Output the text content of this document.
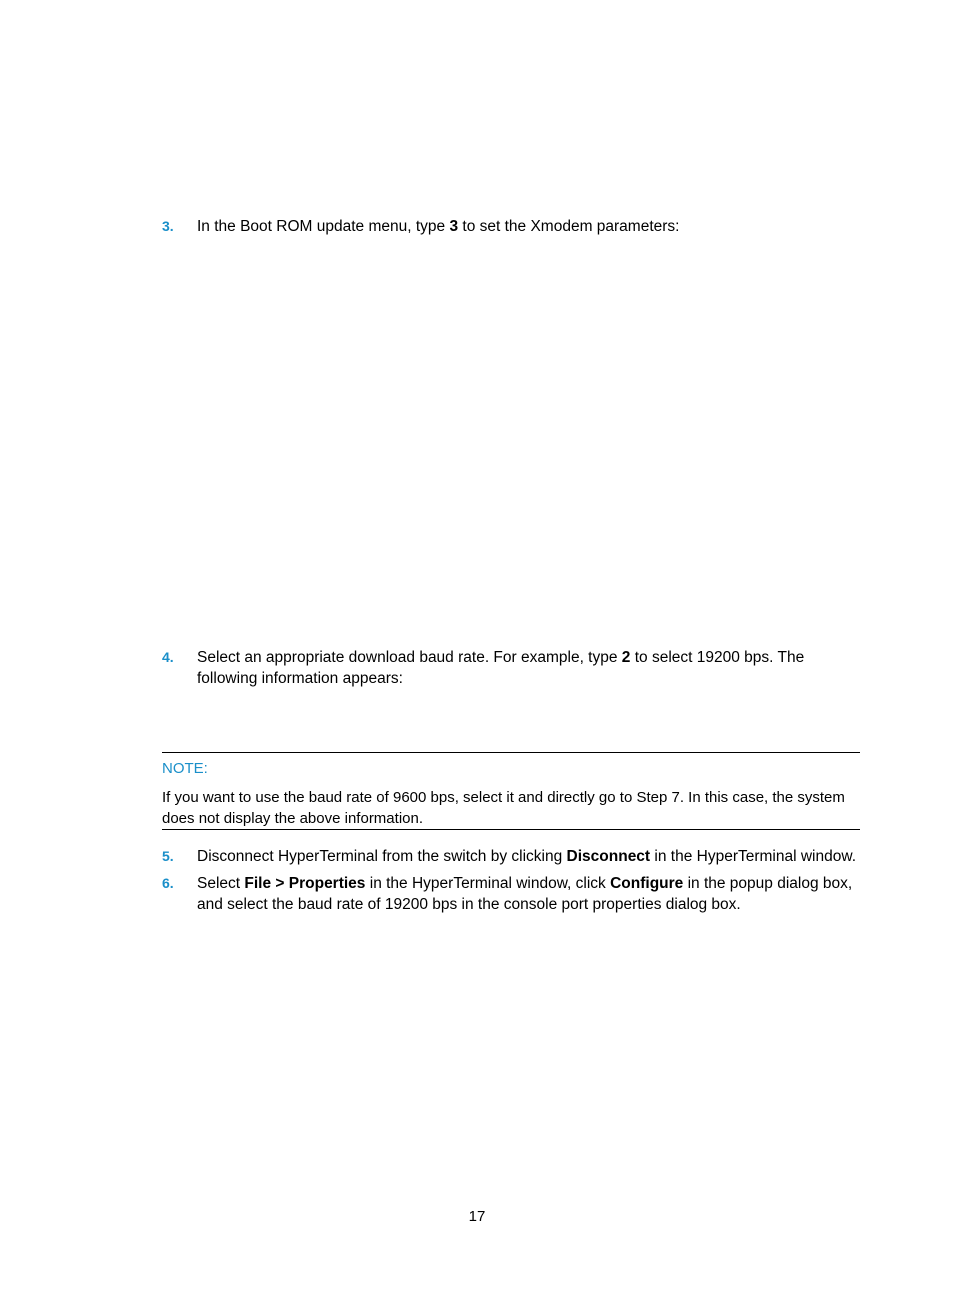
3. In the Boot ROM update menu, type 3 to set the Xmodem parameters:
4. Select an appropriate download baud rate. For example, type 2 to select 19200 bps. The following information appears:
NOTE:
If you want to use the baud rate of 9600 bps, select it and directly go to Step 7. In this case, the system does not display the above information.
5. Disconnect HyperTerminal from the switch by clicking Disconnect in the HyperTerminal window.
6. Select File > Properties in the HyperTerminal window, click Configure in the popup dialog box, and select the baud rate of 19200 bps in the console port properties dialog box.
17
